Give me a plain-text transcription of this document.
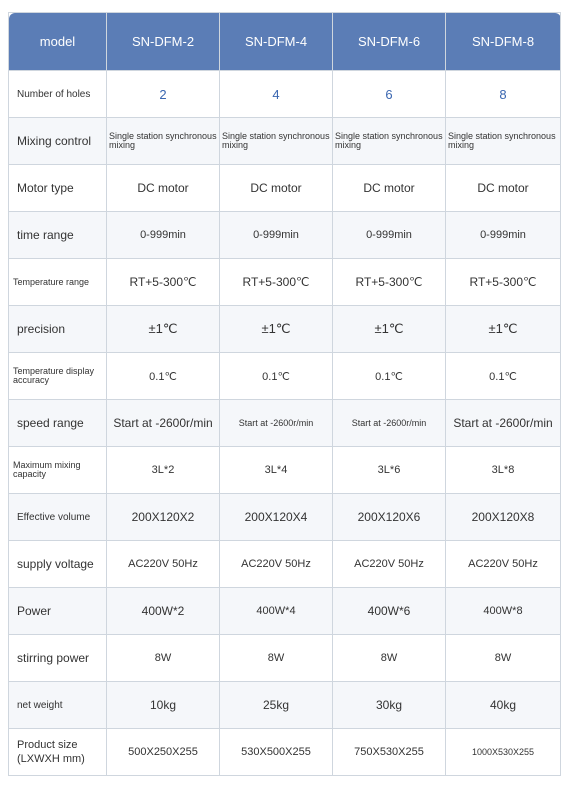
model	SN-DFM-2	SN-DFM-4	SN-DFM-6	SN-DFM-8
Number of holes	2	4	6	8
Mixing control	Single station synchronous mixing	Single station synchronous mixing	Single station synchronous mixing	Single station synchronous mixing
Motor type	DC motor	DC motor	DC motor	DC motor
time range	0-999min	0-999min	0-999min	0-999min
Temperature range	RT+5-300℃	RT+5-300℃	RT+5-300℃	RT+5-300℃
precision	±1℃	±1℃	±1℃	±1℃
Temperature display accuracy	0.1℃	0.1℃	0.1℃	0.1℃
speed range	Start at -2600r/min	Start at -2600r/min	Start at -2600r/min	Start at -2600r/min
Maximum mixing capacity	3L*2	3L*4	3L*6	3L*8
Effective volume	200X120X2	200X120X4	200X120X6	200X120X8
supply voltage	AC220V 50Hz	AC220V 50Hz	AC220V 50Hz	AC220V 50Hz
Power	400W*2	400W*4	400W*6	400W*8
stirring power	8W	8W	8W	8W
net weight	10kg	25kg	30kg	40kg
Product size (LXWXH mm)	500X250X255	530X500X255	750X530X255	1000X530X255
